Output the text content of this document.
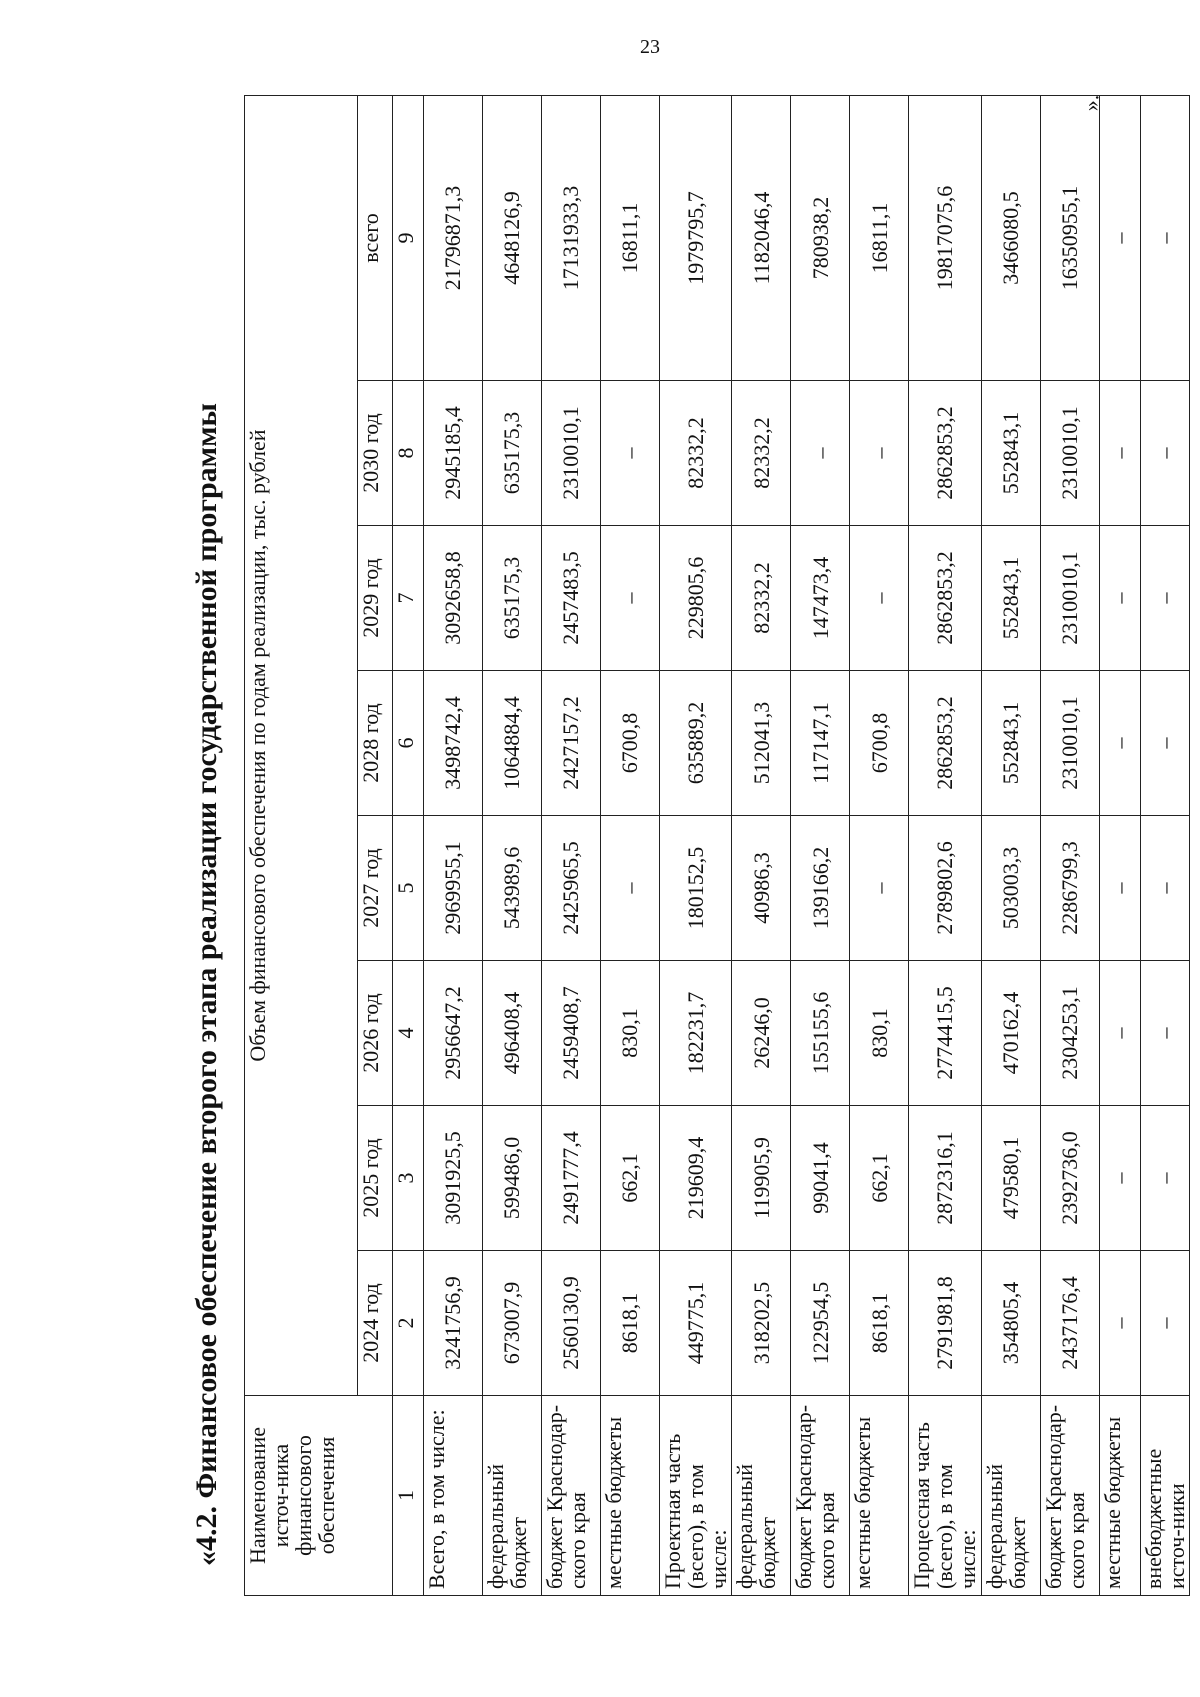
23
».
«4.2. Финансовое обеспечение второго этапа реализации государственной программы	Наименование источ-ника финансового обеспечения	Объем финансового обеспечения по годам реализации, тыс. рублей							
	2024 год	2025 год	2026 год	2027 год	2028 год	2029 год	2030 год	всего
1	2	3	4	5	6	7	8	9
Всего, в том числе:	3241756,9	3091925,5	2956647,2	2969955,1	3498742,4	3092658,8	2945185,4	21796871,3
федеральный бюджет	673007,9	599486,0	496408,4	543989,6	1064884,4	635175,3	635175,3	4648126,9
бюджет Краснодар-ского края	2560130,9	2491777,4	2459408,7	2425965,5	2427157,2	2457483,5	2310010,1	17131933,3
местные бюджеты	8618,1	662,1	830,1	–	6700,8	–	–	16811,1
Проектная часть (всего), в том числе:	449775,1	219609,4	182231,7	180152,5	635889,2	229805,6	82332,2	1979795,7
федеральный бюджет	318202,5	119905,9	26246,0	40986,3	512041,3	82332,2	82332,2	1182046,4
бюджет Краснодар-ского края	122954,5	99041,4	155155,6	139166,2	117147,1	147473,4	–	780938,2
местные бюджеты	8618,1	662,1	830,1	–	6700,8	–	–	16811,1
Процессная часть (всего), в том числе:	2791981,8	2872316,1	2774415,5	2789802,6	2862853,2	2862853,2	2862853,2	19817075,6
федеральный бюджет	354805,4	479580,1	470162,4	503003,3	552843,1	552843,1	552843,1	3466080,5
бюджет Краснодар-ского края	2437176,4	2392736,0	2304253,1	2286799,3	2310010,1	2310010,1	2310010,1	16350955,1
местные бюджеты	–	–	–	–	–	–	–	–
внебюджетные источ-ники	–	–	–	–	–	–	–	–
